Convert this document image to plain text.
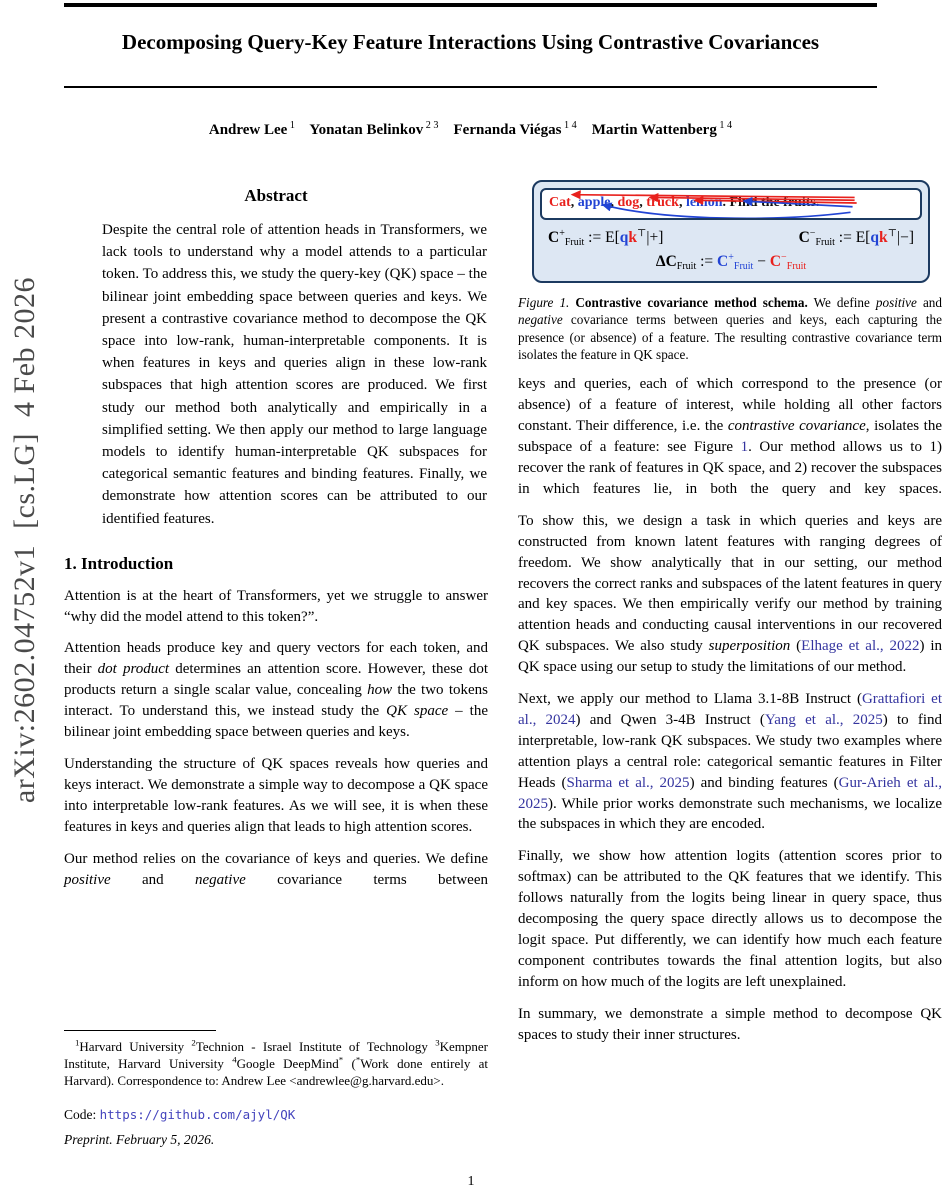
arXiv:2602.04752v1  [cs.LG]  4 Feb 2026
Decomposing Query-Key Feature Interactions Using Contrastive Covariances
Andrew Lee $^1$ Yonatan Belinkov $^{2 3}$ Fernanda Viégas $^{1 4}$ Martin Wattenberg $^{1 4}$
Abstract

Despite the central role of attention heads in Transformers, we lack tools to understand why a model attends to a particular token. To address this, we study the query-key (QK) space – the bilinear joint embedding space between queries and keys. We present a contrastive covariance method to decompose the QK space into low-rank, human-interpretable components. It is when features in keys and queries align in these low-rank subspaces that high attention scores are produced. We first study our method both analytically and empirically in a simplified setting. We then apply our method to large language models to identify human-interpretable QK subspaces for categorical semantic features and binding features. Finally, we demonstrate how attention scores can be attributed to our identified features.

1. Introduction

Attention is at the heart of Transformers, yet we struggle to answer “why did the model attend to this token?”.

Attention heads produce key and query vectors for each token, and their dot product determines an attention score. However, these dot products return a single scalar value, concealing how the two tokens interact. To understand this, we instead study the QK space – the bilinear joint embedding space between queries and keys.

Understanding the structure of QK spaces reveals how queries and keys interact. We demonstrate a simple way to decompose a QK space into interpretable low-rank features. As we will see, it is when these features in keys and queries align that leads to high attention scores.

Our method relies on the covariance of keys and queries. We define positive and negative covariance terms between

$^1$Harvard University $^2$Technion - Israel Institute of Technology $^3$Kempner Institute, Harvard University $^4$Google DeepMind* (*Work done entirely at Harvard). Correspondence to: Andrew Lee <andrewlee@g.harvard.edu>.

Code: https://github.com/ajyl/QK
Preprint. February 5, 2026.
Cat, apple, dog, truck, lemon. Find the fruits.
C+Fruit := E[qk⊤|+]	C−Fruit := E[qk⊤|−]
ΔCFruit := C+Fruit − C−Fruit

Figure 1. Contrastive covariance method schema. We define positive and negative covariance terms between queries and keys, each capturing the presence (or absence) of a feature. The resulting contrastive covariance term isolates the feature in QK space.

keys and queries, each of which correspond to the presence (or absence) of a feature of interest, while holding all other factors constant. Their difference, i.e. the contrastive covariance, isolates the subspace of a feature: see Figure 1. Our method allows us to 1) recover the rank of features in QK space, and 2) recover the subspaces in which features lie, in both the query and key spaces.

To show this, we design a task in which queries and keys are constructed from known latent features with ranging degrees of freedom. We show analytically that in our setting, our method recovers the correct ranks and subspaces of the latent features in query and key spaces. We then empirically verify our method by training attention heads and conducting causal interventions in our recovered QK subspaces. We also study superposition (Elhage et al., 2022) in QK space using our setup to study the limitations of our method.

Next, we apply our method to Llama 3.1-8B Instruct (Grattafiori et al., 2024) and Qwen 3-4B Instruct (Yang et al., 2025) to find interpretable, low-rank QK subspaces. We study two examples where attention plays a central role: categorical semantic features in Filter Heads (Sharma et al., 2025) and binding features (Gur-Arieh et al., 2025). While prior works demonstrate such mechanisms, we localize the subspaces in which they are encoded.

Finally, we show how attention logits (attention scores prior to softmax) can be attributed to the QK features that we identify. This follows naturally from the logits being linear in query space, thus decomposing the query space directly allows us to decompose the logit space. Put differently, we can identify how much each feature component contributes towards the final attention logits, but also inform on how much of the logits are left unexplained.

In summary, we demonstrate a simple method to decompose QK spaces to study their inner structures.

1
